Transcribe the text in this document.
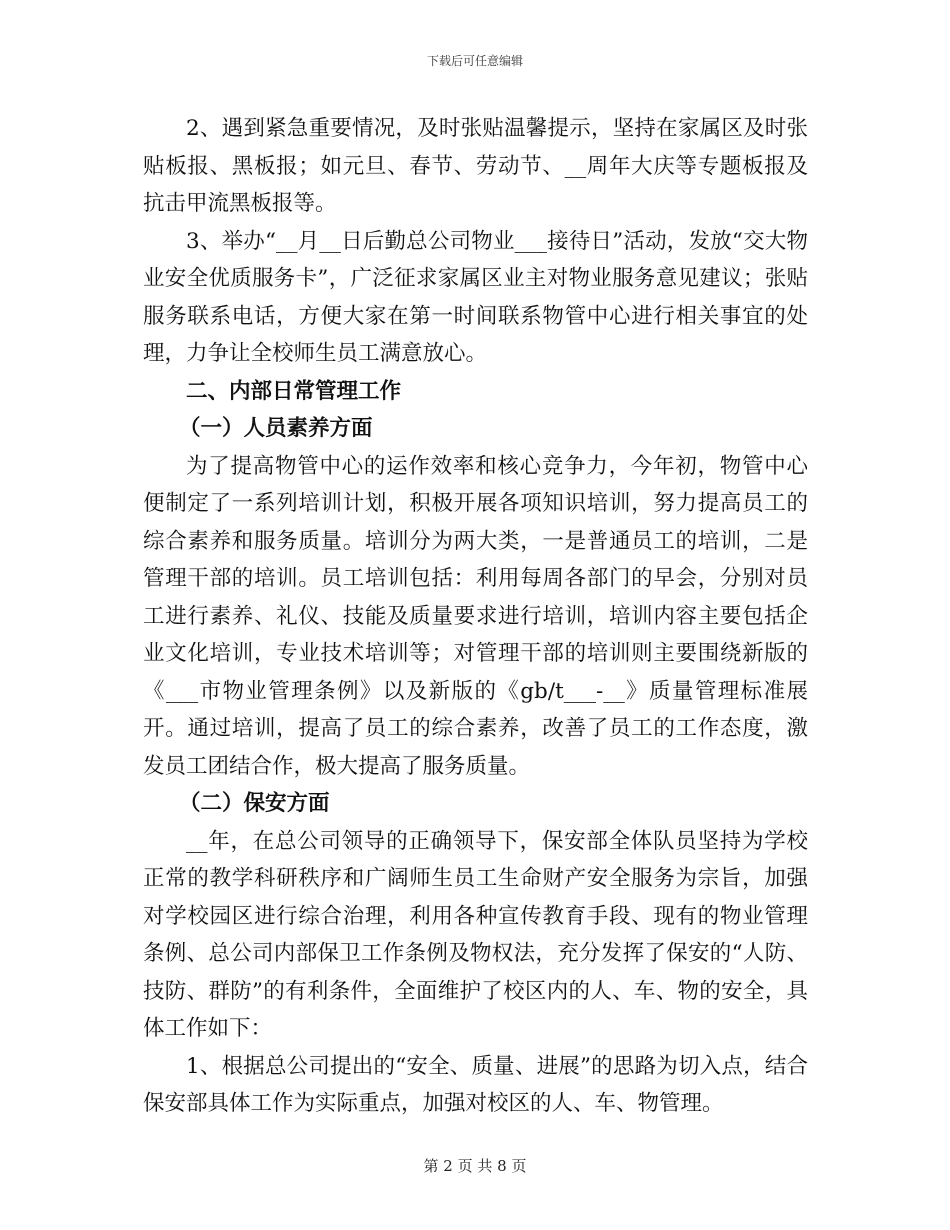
下载后可任意编辑

2、遇到紧急重要情况，及时张贴温馨提示，坚持在家属区及时张贴板报、黑板报；如元旦、春节、劳动节、__周年大庆等专题板报及抗击甲流黑板报等。

3、举办“__月__日后勤总公司物业___接待日”活动，发放“交大物业安全优质服务卡”，广泛征求家属区业主对物业服务意见建议；张贴服务联系电话，方便大家在第一时间联系物管中心进行相关事宜的处理，力争让全校师生员工满意放心。

二、内部日常管理工作

（一）人员素养方面

为了提高物管中心的运作效率和核心竞争力，今年初，物管中心便制定了一系列培训计划，积极开展各项知识培训，努力提高员工的综合素养和服务质量。培训分为两大类，一是普通员工的培训，二是管理干部的培训。员工培训包括：利用每周各部门的早会，分别对员工进行素养、礼仪、技能及质量要求进行培训，培训内容主要包括企业文化培训，专业技术培训等；对管理干部的培训则主要围绕新版的《___市物业管理条例》以及新版的《gb/t___-__》质量管理标准展开。通过培训，提高了员工的综合素养，改善了员工的工作态度，激发员工团结合作，极大提高了服务质量。

（二）保安方面

__年，在总公司领导的正确领导下，保安部全体队员坚持为学校正常的教学科研秩序和广阔师生员工生命财产安全服务为宗旨，加强对学校园区进行综合治理，利用各种宣传教育手段、现有的物业管理条例、总公司内部保卫工作条例及物权法，充分发挥了保安的“人防、技防、群防”的有利条件，全面维护了校区内的人、车、物的安全，具体工作如下：

1、根据总公司提出的“安全、质量、进展”的思路为切入点，结合保安部具体工作为实际重点，加强对校区的人、车、物管理。

第 2 页 共 8 页
